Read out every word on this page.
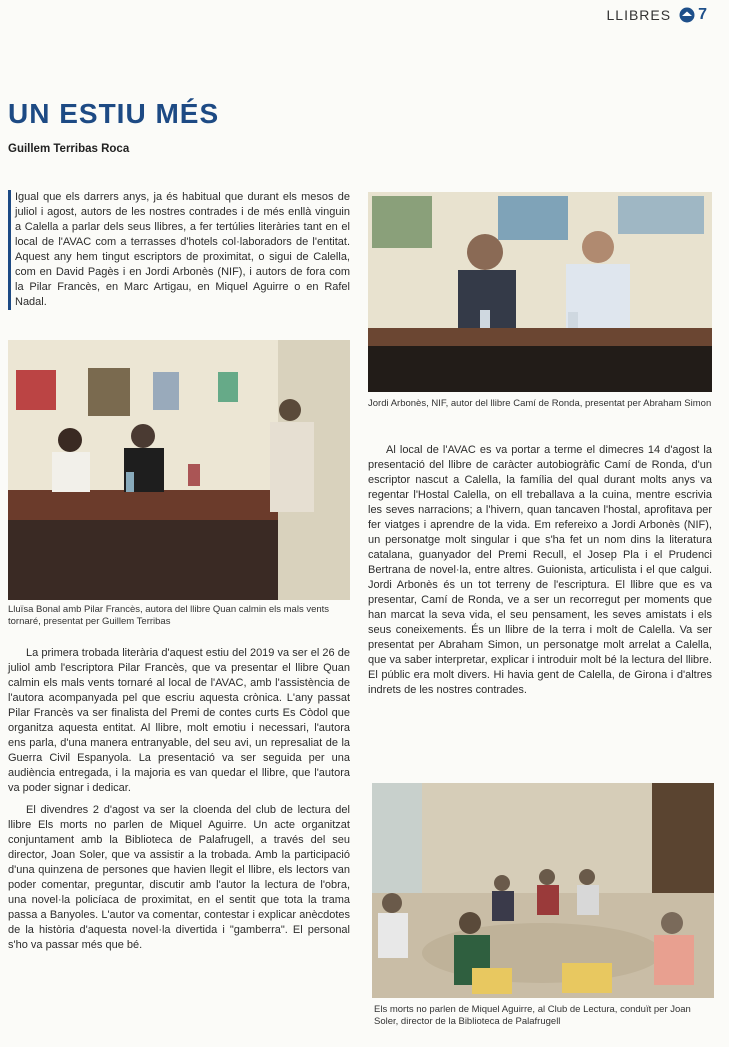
LLIBRES 7
UN ESTIU MÉS
Guillem Terribas Roca

Igual que els darrers anys, ja és habitual que durant els mesos de juliol i agost, autors de les nostres contrades i de més enllà vinguin a Calella a parlar dels seus llibres, a fer tertúlies literàries tant en el local de l'AVAC com a terrasses d'hotels col·laboradors de l'entitat. Aquest any hem tingut escriptors de proximitat, o sigui de Calella, com en David Pagès i en Jordi Arbonès (NIF), i autors de fora com la Pilar Francès, en Marc Artigau, en Miquel Aguirre o en Rafel Nadal.

Lluïsa Bonal amb Pilar Francès, autora del llibre Quan calmin els mals vents tornaré, presentat per Guillem Terribas

La primera trobada literària d'aquest estiu del 2019 va ser el 26 de juliol amb l'escriptora Pilar Francès, que va presentar el llibre Quan calmin els mals vents tornaré al local de l'AVAC, amb l'assistència de l'autora acompanyada pel que escriu aquesta crònica. L'any passat Pilar Francès va ser finalista del Premi de contes curts Es Còdol que organitza aquesta entitat. Al llibre, molt emotiu i necessari, l'autora ens parla, d'una manera entranyable, del seu avi, un represaliat de la Guerra Civil Espanyola. La presentació va ser seguida per una audiència entregada, i la majoria es van quedar el llibre, que l'autora va poder signar i dedicar.

El divendres 2 d'agost va ser la cloenda del club de lectura del llibre Els morts no parlen de Miquel Aguirre. Un acte organitzat conjuntament amb la Biblioteca de Palafrugell, a través del seu director, Joan Soler, que va assistir a la trobada. Amb la participació d'una quinzena de persones que havien llegit el llibre, els lectors van poder comentar, preguntar, discutir amb l'autor la lectura de l'obra, una novel·la policíaca de proximitat, en el sentit que tota la trama passa a Banyoles. L'autor va comentar, contestar i explicar anècdotes de la història d'aquesta novel·la divertida i "gamberra". El personal s'ho va passar més que bé.

Jordi Arbonès, NIF, autor del llibre Camí de Ronda, presentat per Abraham Simon

Al local de l'AVAC es va portar a terme el dimecres 14 d'agost la presentació del llibre de caràcter autobiogràfic Camí de Ronda, d'un escriptor nascut a Calella, la família del qual durant molts anys va regentar l'Hostal Calella, on ell treballava a la cuina, mentre escrivia les seves narracions; a l'hivern, quan tancaven l'hostal, aprofitava per fer viatges i aprendre de la vida. Em refereixo a Jordi Arbonès (NIF), un personatge molt singular i que s'ha fet un nom dins la literatura catalana, guanyador del Premi Recull, el Josep Pla i el Prudenci Bertrana de novel·la, entre altres. Guionista, articulista i el que calgui. Jordi Arbonès és un tot terreny de l'escriptura. El llibre que es va presentar, Camí de Ronda, ve a ser un recorregut per moments que han marcat la seva vida, el seu pensament, les seves amistats i els seus coneixements. És un llibre de la terra i molt de Calella. Va ser presentat per Abraham Simon, un personatge molt arrelat a Calella, que va saber interpretar, explicar i introduir molt bé la lectura del llibre. El públic era molt divers. Hi havia gent de Calella, de Girona i d'altres indrets de les nostres contrades.

Els morts no parlen de Miquel Aguirre, al Club de Lectura, conduït per Joan Soler, director de la Biblioteca de Palafrugell
